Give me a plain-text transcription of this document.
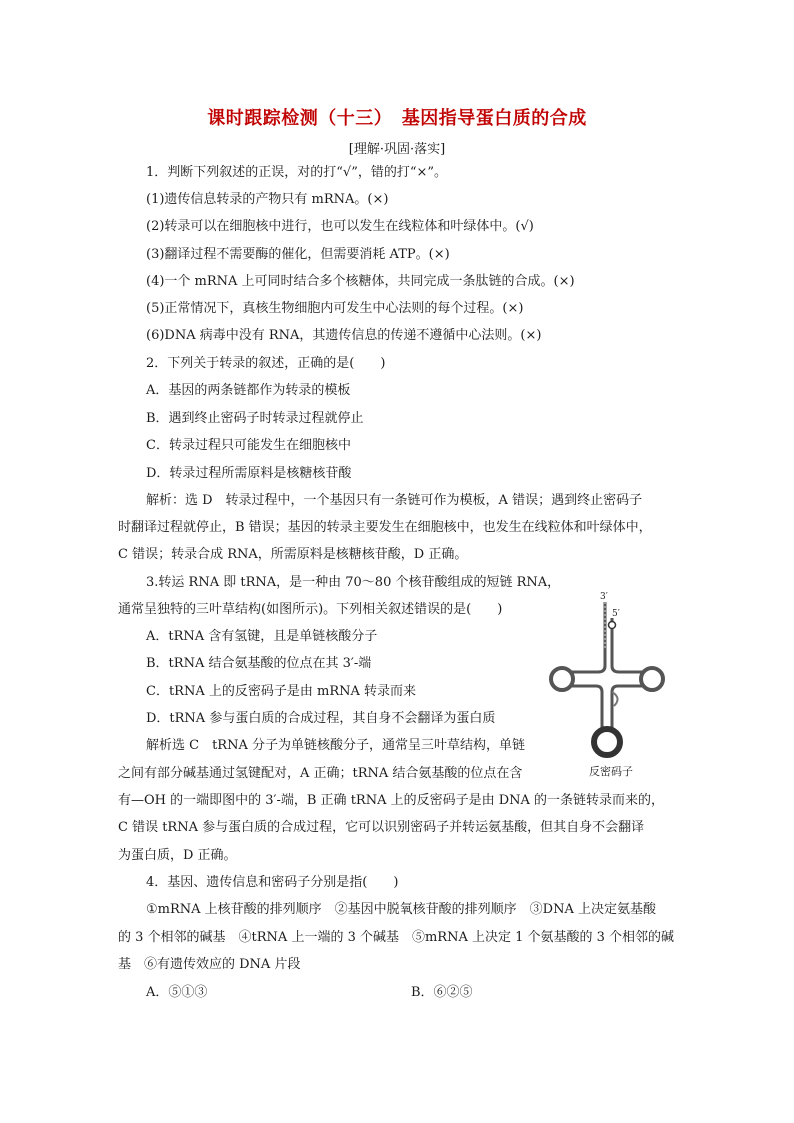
课时跟踪检测（十三）　基因指导蛋白质的合成
[理解·巩固·落实]
1．判断下列叙述的正误，对的打“√”，错的打“×”。
(1)遗传信息转录的产物只有 mRNA。(×)
(2)转录可以在细胞核中进行，也可以发生在线粒体和叶绿体中。(√)
(3)翻译过程不需要酶的催化，但需要消耗 ATP。(×)
(4)一个 mRNA 上可同时结合多个核糖体，共同完成一条肽链的合成。(×)
(5)正常情况下，真核生物细胞内可发生中心法则的每个过程。(×)
(6)DNA 病毒中没有 RNA，其遗传信息的传递不遵循中心法则。(×)
2．下列关于转录的叙述，正确的是(　　)
A．基因的两条链都作为转录的模板
B．遇到终止密码子时转录过程就停止
C．转录过程只可能发生在细胞核中
D．转录过程所需原料是核糖核苷酸
解析：选 D　转录过程中，一个基因只有一条链可作为模板，A 错误；遇到终止密码子
时翻译过程就停止，B 错误；基因的转录主要发生在细胞核中，也发生在线粒体和叶绿体中，
C 错误；转录合成 RNA，所需原料是核糖核苷酸，D 正确。
3.转运 RNA 即 tRNA，是一种由 70～80 个核苷酸组成的短链 RNA，
通常呈独特的三叶草结构(如图所示)。下列相关叙述错误的是(　　)
A．tRNA 含有氢键，且是单链核酸分子
B．tRNA 结合氨基酸的位点在其 3′-端
C．tRNA 上的反密码子是由 mRNA 转录而来
D．tRNA 参与蛋白质的合成过程，其自身不会翻译为蛋白质
解析选 C　tRNA 分子为单链核酸分子，通常呈三叶草结构，单链
之间有部分碱基通过氢键配对，A 正确；tRNA 结合氨基酸的位点在含
有—OH 的一端即图中的 3′-端，B 正确 tRNA 上的反密码子是由 DNA 的一条链转录而来的，
C 错误 tRNA 参与蛋白质的合成过程，它可以识别密码子并转运氨基酸，但其自身不会翻译
为蛋白质，D 正确。
3′
5′
反密码子
4．基因、遗传信息和密码子分别是指(　　)
①mRNA 上核苷酸的排列顺序　②基因中脱氧核苷酸的排列顺序　③DNA 上决定氨基酸
的 3 个相邻的碱基　④tRNA 上一端的 3 个碱基　⑤mRNA 上决定 1 个氨基酸的 3 个相邻的碱
基　⑥有遗传效应的 DNA 片段
A．⑤①③	B．⑥②⑤
